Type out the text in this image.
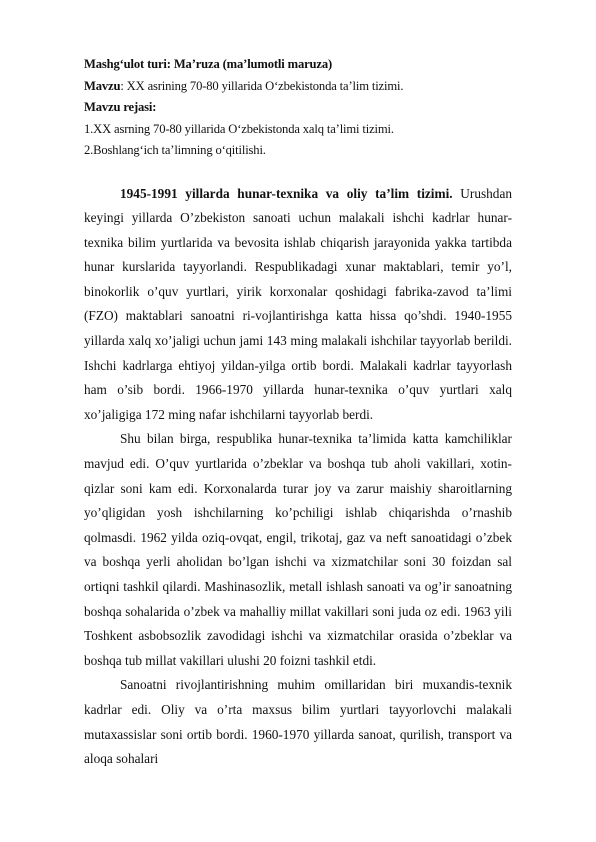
Mashg‘ulot turi: Ma’ruza (ma’lumotli maruza)
Mavzu: XX asrining 70-80 yillarida O‘zbekistonda ta’lim tizimi.
Mavzu rejasi:
1.XX asrning 70-80 yillarida O‘zbekistonda xalq ta’limi tizimi.
2.Boshlang‘ich ta’limning o‘qitilishi.

1945-1991 yillarda hunar-texnika va oliy ta’lim tizimi. Urushdan keyingi yillarda O’zbekiston sanoati uchun malakali ishchi kadrlar hunar-texnika bilim yurtlarida va bevosita ishlab chiqarish jarayonida yakka tartibda hunar kurslarida tayyorlandi. Respublikadagi xunar maktablari, temir yo’l, binokorlik o’quv yurtlari, yirik korxonalar qoshidagi fabrika-zavod ta’limi (FZO) maktablari sanoatni ri-vojlantirishga katta hissa qo’shdi. 1940-1955 yillarda xalq xo’jaligi uchun jami 143 ming malakali ishchilar tayyorlab berildi. Ishchi kadrlarga ehtiyoj yildan-yilga ortib bordi. Malakali kadrlar tayyorlash ham o’sib bordi. 1966-1970 yillarda hunar-texnika o’quv yurtlari xalq xo’jaligiga 172 ming nafar ishchilarni tayyorlab berdi.

Shu bilan birga, respublika hunar-texnika ta’limida katta kamchiliklar mavjud edi. O’quv yurtlarida o’zbeklar va boshqa tub aholi vakillari, xotin-qizlar soni kam edi. Korxonalarda turar joy va zarur maishiy sharoitlarning yo’qligidan yosh ishchilarning ko’pchiligi ishlab chiqarishda o’rnashib qolmasdi. 1962 yilda oziq-ovqat, engil, trikotaj, gaz va neft sanoatidagi o’zbek va boshqa yerli aholidan bo’lgan ishchi va xizmatchilar soni 30 foizdan sal ortiqni tashkil qilardi. Mashinasozlik, metall ishlash sanoati va og’ir sanoatning boshqa sohalarida o’zbek va mahalliy millat vakillari soni juda oz edi. 1963 yili Toshkent asbobsozlik zavodidagi ishchi va xizmatchilar orasida o’zbeklar va boshqa tub millat vakillari ulushi 20 foizni tashkil etdi.

Sanoatni rivojlantirishning muhim omillaridan biri muxandis-texnik kadrlar edi. Oliy va o’rta maxsus bilim yurtlari tayyorlovchi malakali mutaxassislar soni ortib bordi. 1960-1970 yillarda sanoat, qurilish, transport va aloqa sohalari
